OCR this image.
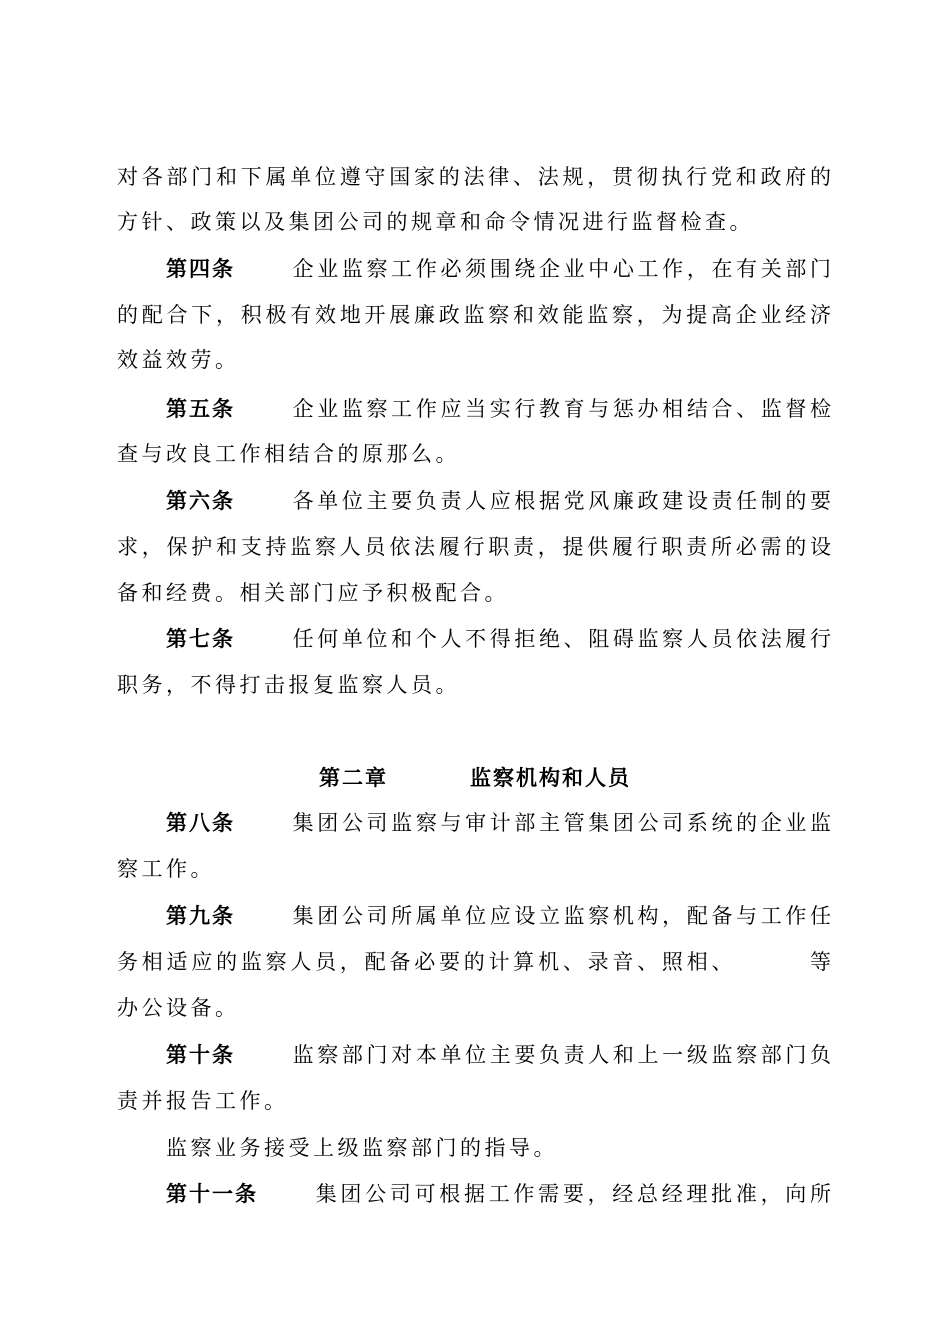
对各部门和下属单位遵守国家的法律、法规，贯彻执行党和政府的
方针、政策以及集团公司的规章和命令情况进行监督检查。
第四条	企业监察工作必须围绕企业中心工作，在有关部门
的配合下，积极有效地开展廉政监察和效能监察，为提高企业经济
效益效劳。
第五条	企业监察工作应当实行教育与惩办相结合、监督检
查与改良工作相结合的原那么。
第六条	各单位主要负责人应根据党风廉政建设责任制的要
求，保护和支持监察人员依法履行职责，提供履行职责所必需的设
备和经费。相关部门应予积极配合。
第七条	任何单位和个人不得拒绝、阻碍监察人员依法履行
职务，不得打击报复监察人员。
第二章	监察机构和人员
第八条	集团公司监察与审计部主管集团公司系统的企业监
察工作。
第九条	集团公司所属单位应设立监察机构，配备与工作任
务相适应的监察人员，配备必要的计算机、录音、照相、	等
办公设备。
第十条	监察部门对本单位主要负责人和上一级监察部门负
责并报告工作。
监察业务接受上级监察部门的指导。
第十一条	集团公司可根据工作需要，经总经理批准，向所
